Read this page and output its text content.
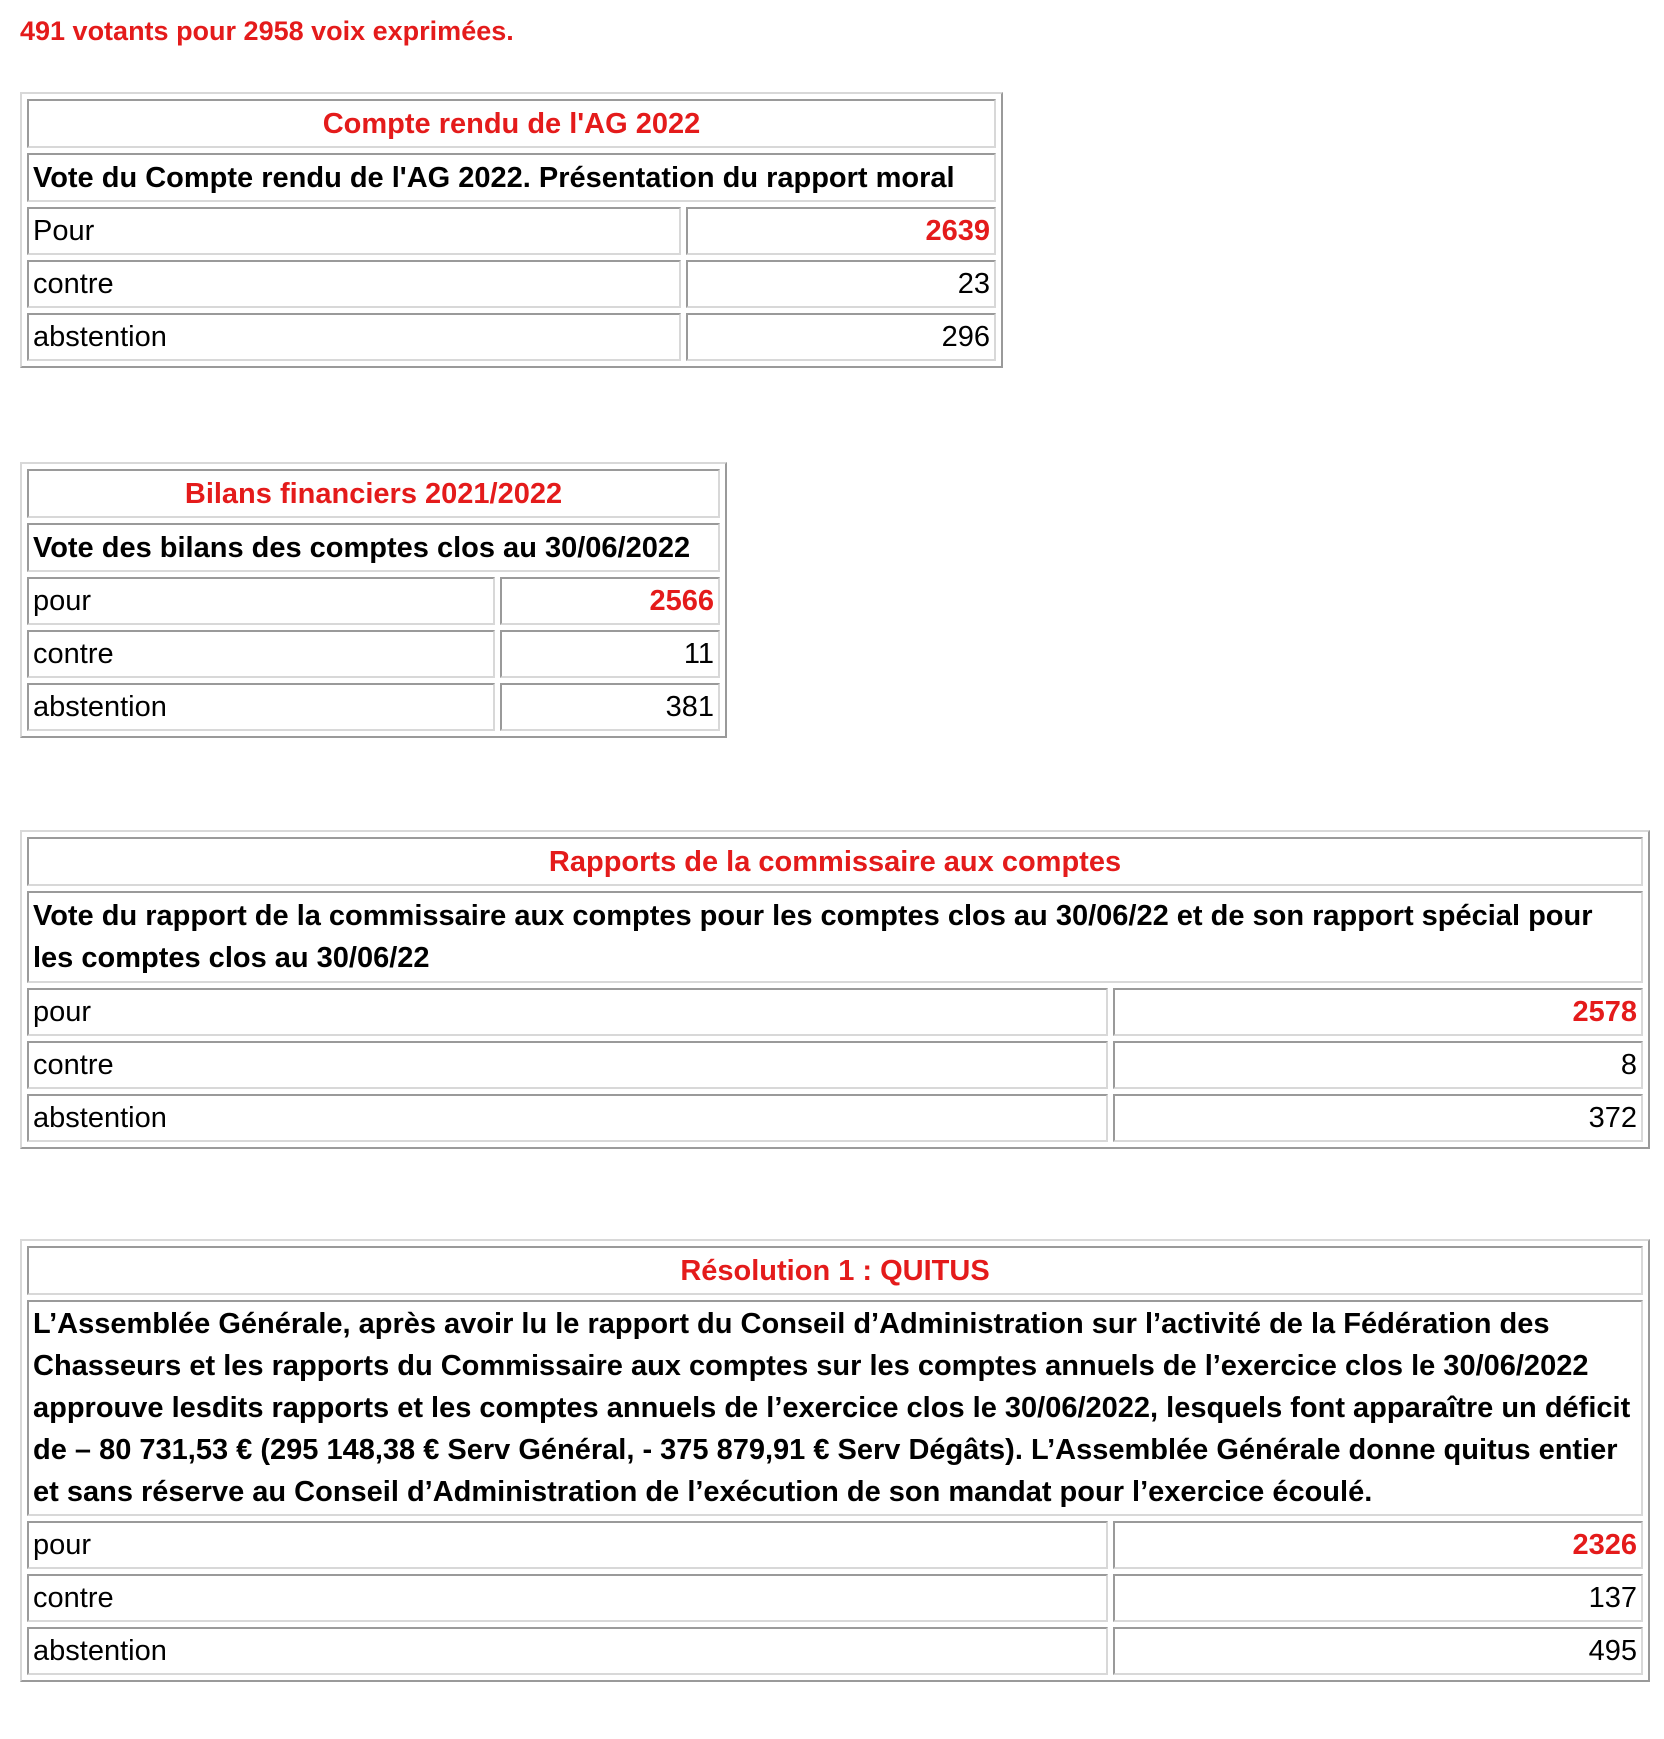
491 votants pour 2958 voix exprimées.
Compte rendu de l'AG 2022	
Vote du Compte rendu de l'AG 2022. Présentation du rapport moral	
Pour	2639
contre	23
abstention	296
Bilans financiers 2021/2022	
Vote des bilans des comptes clos au 30/06/2022	
pour	2566
contre	11
abstention	381
Rapports de la commissaire aux comptes	
Vote du rapport de la commissaire aux comptes pour les comptes clos au 30/06/22 et de son rapport spécial pour les comptes clos au 30/06/22	
pour	2578
contre	8
abstention	372
Résolution 1 : QUITUS	
L’Assemblée Générale, après avoir lu le rapport du Conseil d’Administration sur l’activité de la Fédération des Chasseurs et les rapports du Commissaire aux comptes sur les comptes annuels de l’exercice clos le 30/06/2022 approuve lesdits rapports et les comptes annuels de l’exercice clos le 30/06/2022, lesquels font apparaître un déficit de – 80 731,53 € (295 148,38 € Serv Général, - 375 879,91 € Serv Dégâts). L’Assemblée Générale donne quitus entier et sans réserve au Conseil d’Administration de l’exécution de son mandat pour l’exercice écoulé.	
pour	2326
contre	137
abstention	495
